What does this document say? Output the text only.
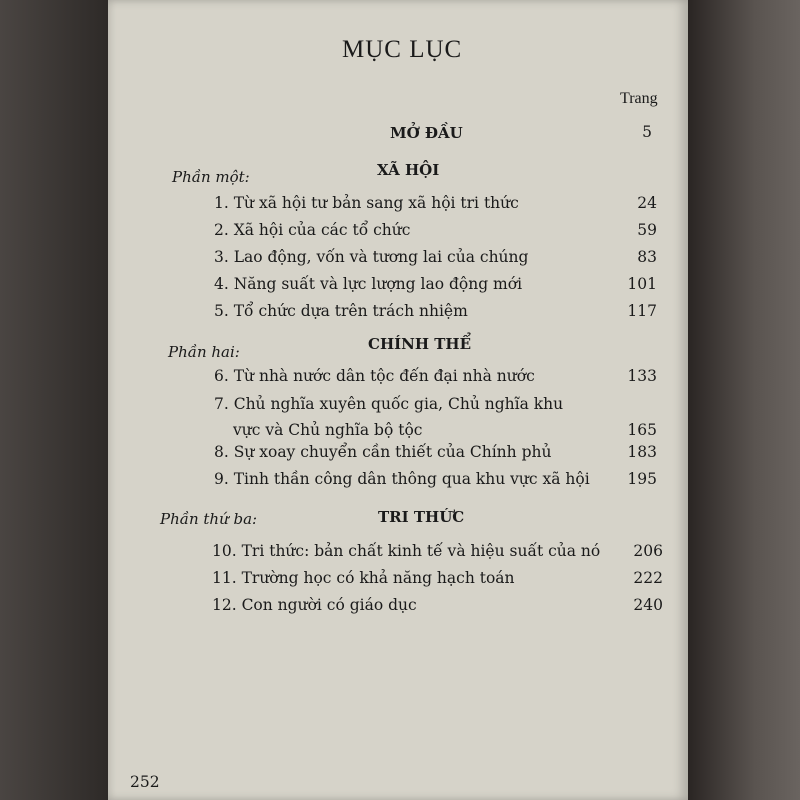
MỤC LỤC
Trang
MỞ ĐẦU	5
Phần một:	XÃ HỘI
1. Từ xã hội tư bản sang xã hội tri thức	24
2. Xã hội của các tổ chức	59
3. Lao động, vốn và tương lai của chúng	83
4. Năng suất và lực lượng lao động mới	101
5. Tổ chức dựa trên trách nhiệm	117
Phần hai:	CHÍNH THỂ
6. Từ nhà nước dân tộc đến đại nhà nước	133
7. Chủ nghĩa xuyên quốc gia, Chủ nghĩa khu
vực và Chủ nghĩa bộ tộc	165
8. Sự xoay chuyển cần thiết của Chính phủ	183
9. Tinh thần công dân thông qua khu vực xã hội	195
Phần thứ ba:	TRI THỨC
10. Tri thức: bản chất kinh tế và hiệu suất của nó	206
11. Trường học có khả năng hạch toán	222
12. Con người có giáo dục	240
252
